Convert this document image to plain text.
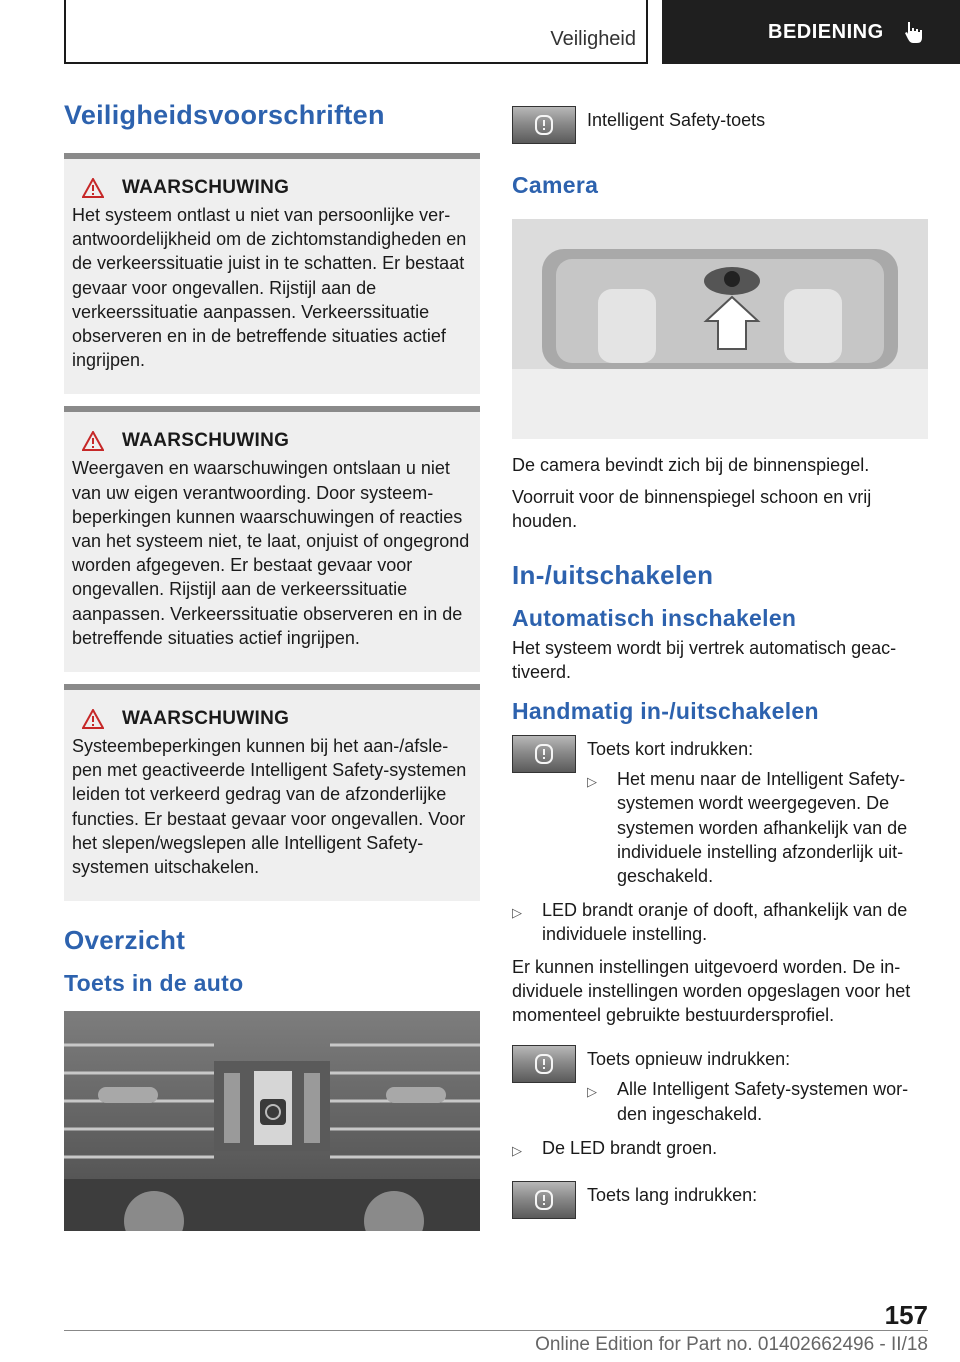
Veiligheid	BEDIENING
Veiligheidsvoorschriften
WAARSCHUWING
Het systeem ontlast u niet van persoonlijke verantwoordelijkheid om de zichtomstandigheden en de verkeerssituatie juist in te schatten. Er bestaat gevaar voor ongevallen. Rijstijl aan de verkeerssituatie aanpassen. Verkeerssituatie observeren en in de betreffende situaties actief ingrijpen.
WAARSCHUWING
Weergaven en waarschuwingen ontslaan u niet van uw eigen verantwoording. Door systeembeperkingen kunnen waarschuwingen of reacties van het systeem niet, te laat, onjuist of ongegrond worden afgegeven. Er bestaat gevaar voor ongevallen. Rijstijl aan de verkeerssituatie aanpassen. Verkeerssituatie observeren en in de betreffende situaties actief ingrijpen.
WAARSCHUWING
Systeembeperkingen kunnen bij het aan-/afslepen met geactiveerde Intelligent Safety-systemen leiden tot verkeerd gedrag van de afzonderlijke functies. Er bestaat gevaar voor ongevallen. Voor het slepen/wegslepen alle Intelligent Safety-systemen uitschakelen.
Overzicht
Toets in de auto
Intelligent Safety-toets
Camera

De camera bevindt zich bij de binnenspiegel.

Voorruit voor de binnenspiegel schoon en vrij houden.

In-/uitschakelen
Automatisch inschakelen

Het systeem wordt bij vertrek automatisch geactiveerd.

Handmatig in-/uitschakelen
Toets kort indrukken:
▷	Het menu naar de Intelligent Safety-systemen wordt weergegeven. De systemen worden afhankelijk van de individuele instelling afzonderlijk uitgeschakeld.
▷	LED brandt oranje of dooft, afhankelijk van de individuele instelling.

Er kunnen instellingen uitgevoerd worden. De individuele instellingen worden opgeslagen voor het momenteel gebruikte bestuurdersprofiel.

Toets opnieuw indrukken:
▷	Alle Intelligent Safety-systemen worden ingeschakeld.
▷	De LED brandt groen.
Toets lang indrukken:
157
Online Edition for Part no. 01402662496 - II/18
